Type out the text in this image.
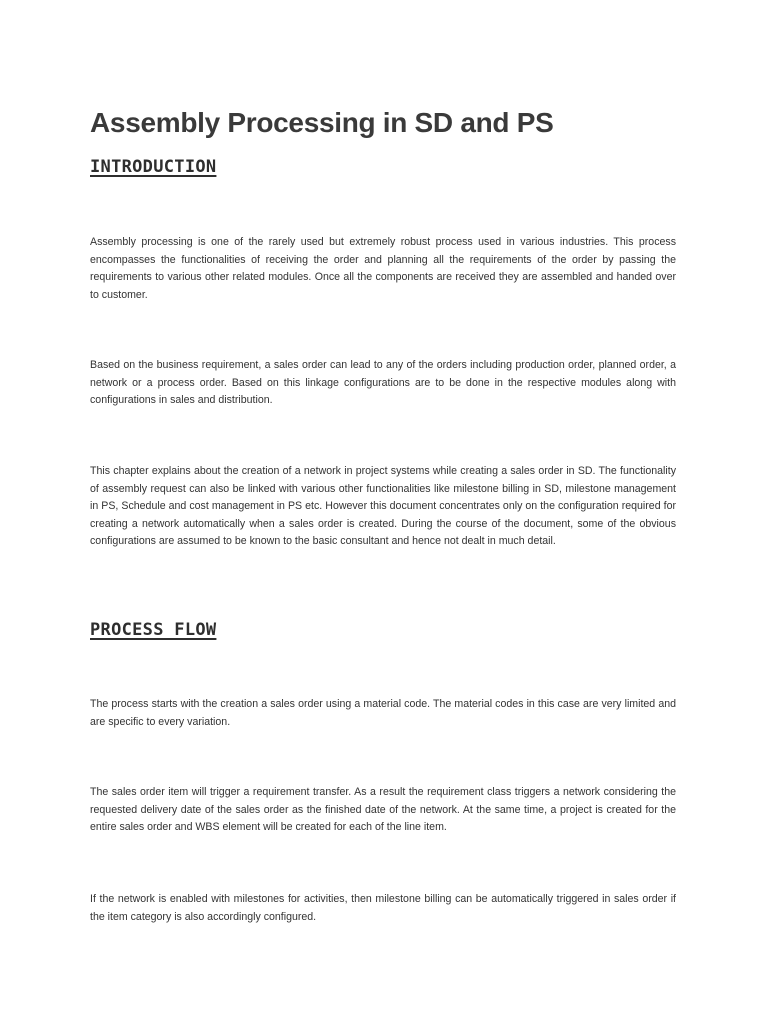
Assembly Processing in SD and PS
INTRODUCTION

Assembly processing is one of the rarely used but extremely robust process used in various industries. This process encompasses the functionalities of receiving the order and planning all the requirements of the order by passing the requirements to various other related modules. Once all the components are received they are assembled and handed over to customer.

Based on the business requirement, a sales order can lead to any of the orders including production order, planned order, a network or a process order. Based on this linkage configurations are to be done in the respective modules along with configurations in sales and distribution.

This chapter explains about the creation of a network in project systems while creating a sales order in SD. The functionality of assembly request can also be linked with various other functionalities like milestone billing in SD, milestone management in PS, Schedule and cost management in PS etc. However this document concentrates only on the configuration required for creating a network automatically when a sales order is created. During the course of the document, some of the obvious configurations are assumed to be known to the basic consultant and hence not dealt in much detail.

PROCESS FLOW

The process starts with the creation a sales order using a material code. The material codes in this case are very limited and are specific to every variation.

The sales order item will trigger a requirement transfer. As a result the requirement class triggers a network considering the requested delivery date of the sales order as the finished date of the network. At the same time, a project is created for the entire sales order and WBS element will be created for each of the line item.

If the network is enabled with milestones for activities, then milestone billing can be automatically triggered in sales order if the item category is also accordingly configured.
